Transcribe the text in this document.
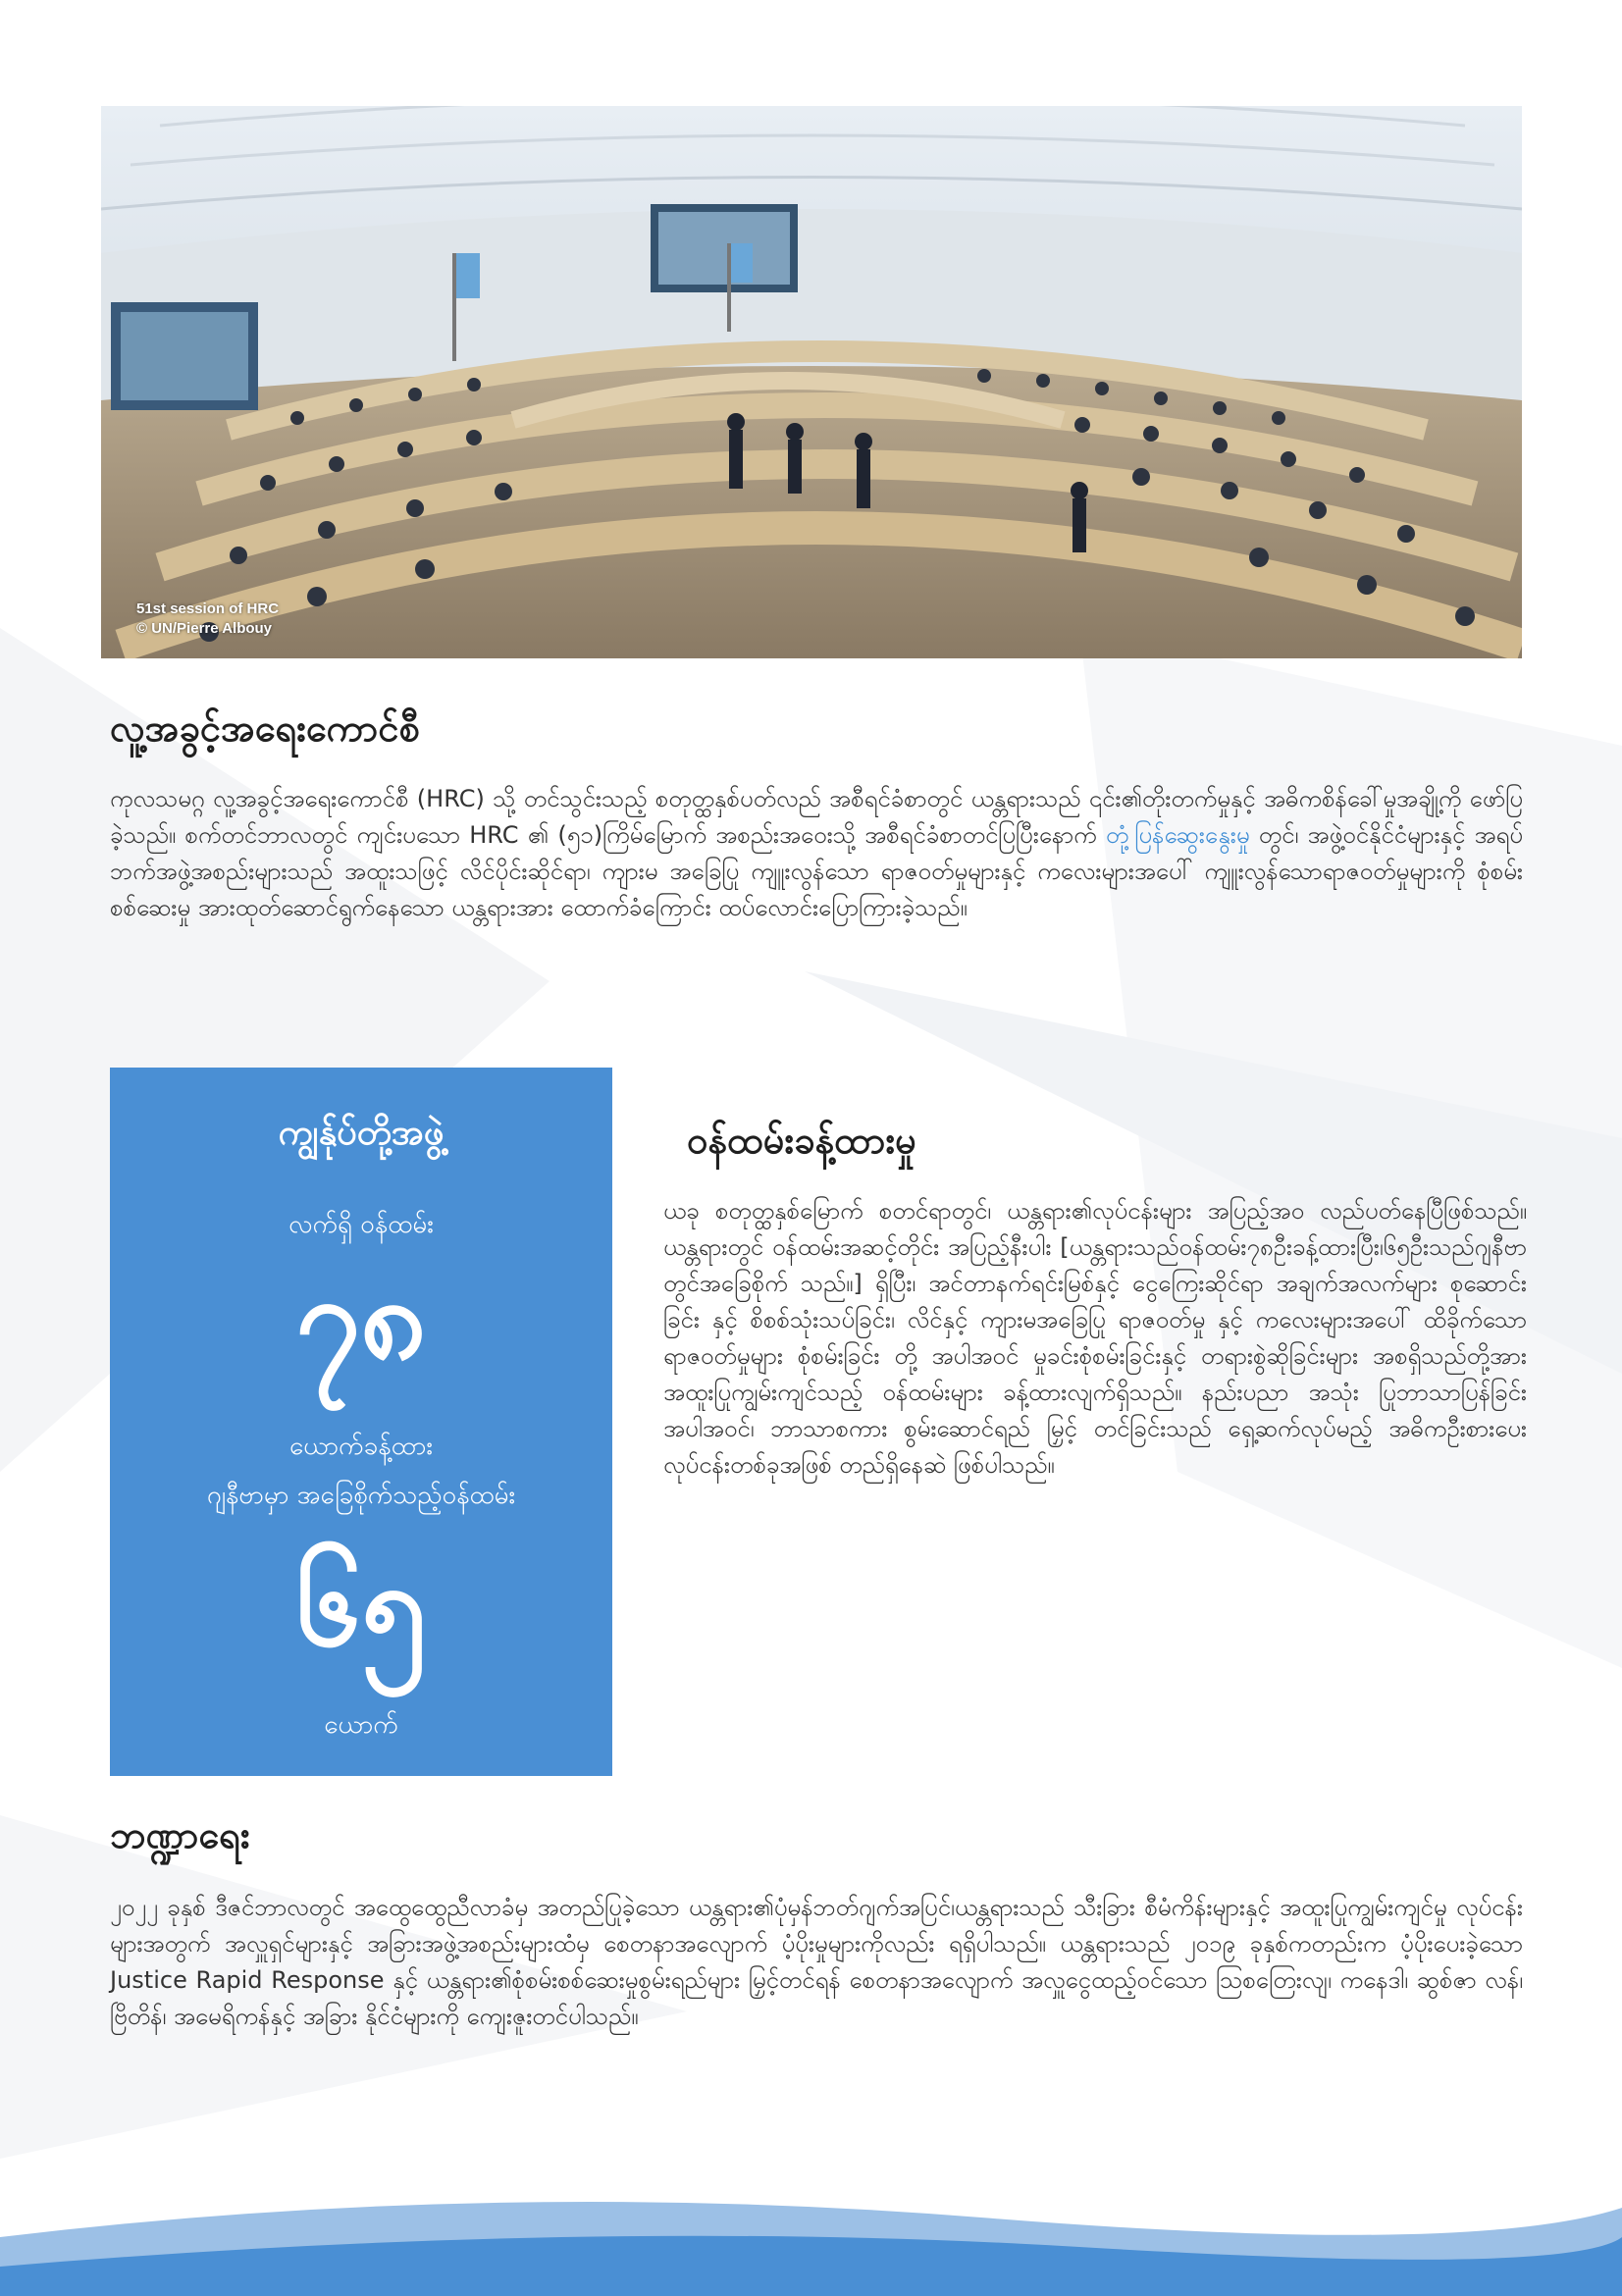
51st session of HRC
© UN/Pierre Albouy
လူ့အခွင့်အရေးကောင်စီ

ကုလသမဂ္ဂ လူ့အခွင့်အရေးကောင်စီ (HRC) သို့ တင်သွင်းသည့် စတုတ္ထနှစ်ပတ်လည် အစီရင်ခံစာတွင် ယန္တရားသည် ၎င်း၏တိုးတက်မှုနှင့် အဓိကစိန်ခေါ်မှုအချို့ကို ဖော်ပြခဲ့သည်။ စက်တင်ဘာလတွင် ကျင်းပသော HRC ၏ (၅၁)ကြိမ်မြောက် အစည်းအဝေးသို့ အစီရင်ခံစာတင်ပြပြီးနောက် တုံ့ပြန်ဆွေးနွေးမှု တွင်၊ အဖွဲ့ဝင်နိုင်ငံများနှင့် အရပ်ဘက်အဖွဲ့အစည်းများသည် အထူးသဖြင့် လိင်ပိုင်းဆိုင်ရာ၊ ကျားမ အခြေပြု ကျူးလွန်သော ရာဇဝတ်မှုများနှင့် ကလေးများအပေါ် ကျူးလွန်သောရာဇဝတ်မှုများကို စုံစမ်းစစ်ဆေးမှု အားထုတ်ဆောင်ရွက်နေသော ယန္တရားအား ထောက်ခံကြောင်း ထပ်လောင်းပြောကြားခဲ့သည်။

ကျွန်ုပ်တို့အဖွဲ့
လက်ရှိ ဝန်ထမ်း
၇၈
ယောက်ခန့်ထား
ဂျနီဗာမှာ အခြေစိုက်သည့်ဝန်ထမ်း
၆၅
ယောက်
ဝန်ထမ်းခန့်ထားမှု

ယခု စတုတ္ထနှစ်မြောက် စတင်ရာတွင်၊ ယန္တရား၏လုပ်ငန်းများ အပြည့်အဝ လည်ပတ်နေပြီဖြစ်သည်။ ယန္တရားတွင် ဝန်ထမ်းအဆင့်တိုင်း အပြည့်နီးပါး [ယန္တရားသည်ဝန်ထမ်း၇၈ဦးခန့်ထားပြီး၊၆၅ဦးသည်ဂျနီဗာတွင်အခြေစိုက် သည်။] ရှိပြီး၊ အင်တာနက်ရင်းမြစ်နှင့် ငွေကြေးဆိုင်ရာ အချက်အလက်များ စုဆောင်းခြင်း နှင့် စိစစ်သုံးသပ်ခြင်း၊ လိင်နှင့် ကျားမအခြေပြု ရာဇဝတ်မှု နှင့် ကလေးများအပေါ် ထိခိုက်သော ရာဇဝတ်မှုများ စုံစမ်းခြင်း တို့ အပါအဝင် မှုခင်းစုံစမ်းခြင်းနှင့် တရားစွဲဆိုခြင်းများ အစရှိသည်တို့အား အထူးပြုကျွမ်းကျင်သည့် ဝန်ထမ်းများ ခန့်ထားလျက်ရှိသည်။ နည်းပညာ အသုံး ပြုဘာသာပြန်ခြင်းအပါအဝင်၊ ဘာသာစကား စွမ်းဆောင်ရည် မြှင့် တင်ခြင်းသည် ရှေ့ဆက်လုပ်မည့် အဓိကဦးစားပေးလုပ်ငန်းတစ်ခုအဖြစ် တည်ရှိနေဆဲ ဖြစ်ပါသည်။

ဘဏ္ဍာရေး

၂၀၂၂ ခုနှစ် ဒီဇင်ဘာလတွင် အထွေထွေညီလာခံမှ အတည်ပြုခဲ့သော ယန္တရား၏ပုံမှန်ဘတ်ဂျက်အပြင်၊ယန္တရားသည် သီးခြား စီမံကိန်းများနှင့် အထူးပြုကျွမ်းကျင်မှု လုပ်ငန်းများအတွက် အလှူရှင်များနှင့် အခြားအဖွဲ့အစည်းများထံမှ စေတနာအလျောက် ပံ့ပိုးမှုများကိုလည်း ရရှိပါသည်။ ယန္တရားသည် ၂၀၁၉ ခုနှစ်ကတည်းက ပံ့ပိုးပေးခဲ့သော Justice Rapid Response နှင့် ယန္တရား၏စုံစမ်းစစ်ဆေးမှုစွမ်းရည်များ မြှင့်တင်ရန် စေတနာအလျောက် အလှူငွေထည့်ဝင်သော ဩစတြေးလျ၊ ကနေဒါ၊ ဆွစ်ဇာ လန်၊ ဗြိတိန်၊ အမေရိကန်နှင့် အခြား နိုင်ငံများကို ကျေးဇူးတင်ပါသည်။
